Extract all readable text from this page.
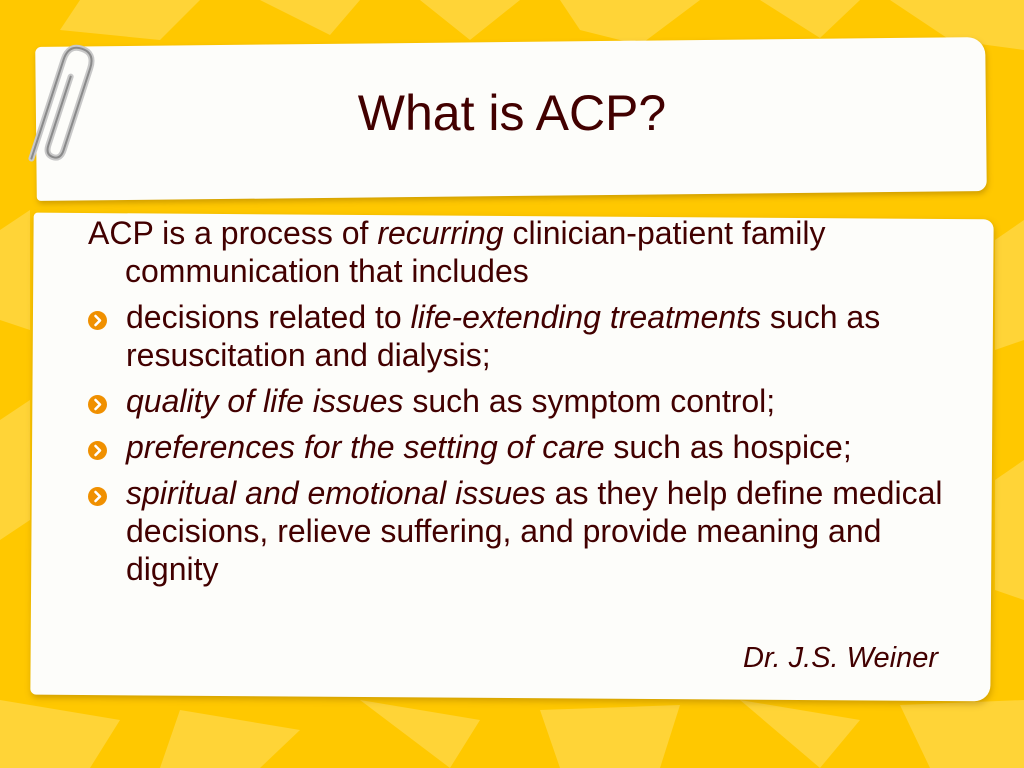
What is ACP?

ACP is a process of recurring clinician-patient family communication that includes

decisions related to life-extending treatments such as resuscitation and dialysis;
quality of life issues such as symptom control;
preferences for the setting of care such as hospice;
spiritual and emotional issues as they help define medical decisions, relieve suffering, and provide meaning and dignity
Dr. J.S. Weiner
